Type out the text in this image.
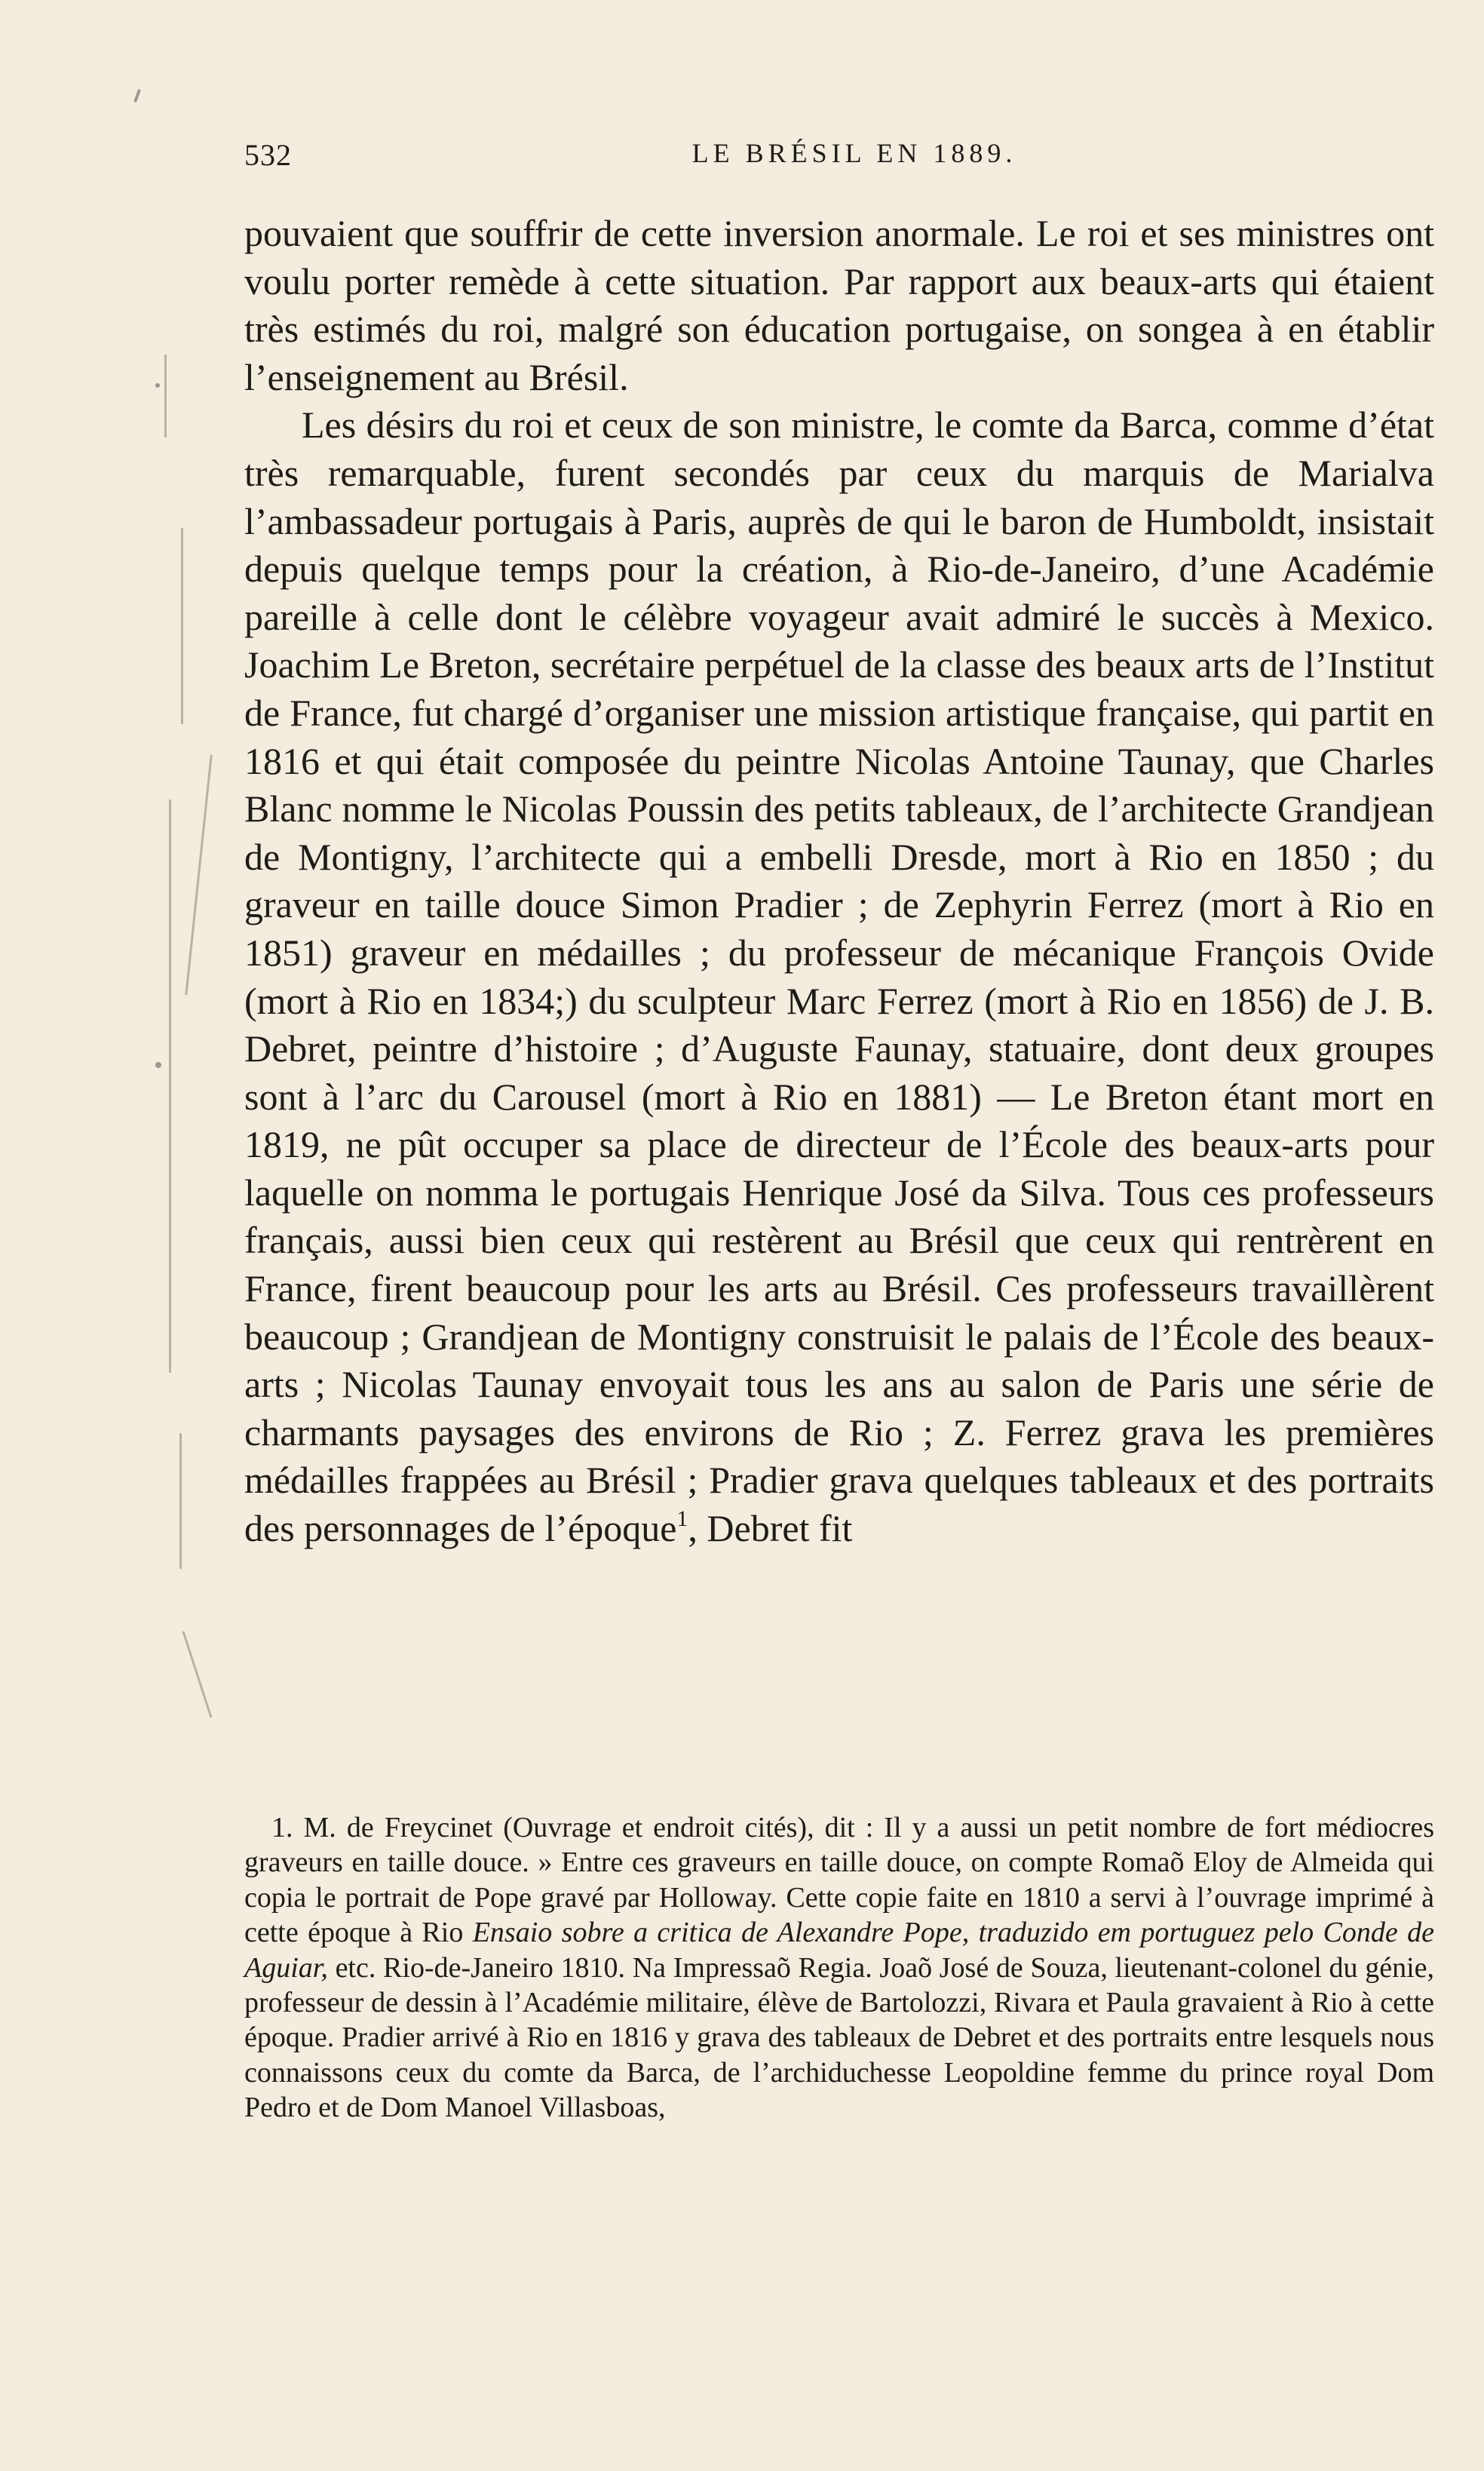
532	LE BRÉSIL EN 1889.

pouvaient que souffrir de cette inversion anormale. Le roi et ses ministres ont voulu porter remède à cette situation. Par rapport aux beaux-arts qui étaient très estimés du roi, malgré son éducation portugaise, on songea à en établir l’enseignement au Brésil.

Les désirs du roi et ceux de son ministre, le comte da Barca, comme d’état très remarquable, furent secondés par ceux du marquis de Marialva l’ambassadeur portugais à Paris, auprès de qui le baron de Humboldt, insistait depuis quelque temps pour la création, à Rio-de-Janeiro, d’une Académie pareille à celle dont le célèbre voyageur avait admiré le succès à Mexico. Joachim Le Breton, secrétaire perpétuel de la classe des beaux arts de l’Institut de France, fut chargé d’organiser une mission artistique française, qui partit en 1816 et qui était composée du peintre Nicolas Antoine Taunay, que Charles Blanc nomme le Nicolas Poussin des petits tableaux, de l’architecte Grandjean de Montigny, l’architecte qui a embelli Dresde, mort à Rio en 1850 ; du graveur en taille douce Simon Pradier ; de Zephyrin Ferrez (mort à Rio en 1851) graveur en médailles ; du professeur de mécanique François Ovide (mort à Rio en 1834;) du sculpteur Marc Ferrez (mort à Rio en 1856) de J. B. Debret, peintre d’histoire ; d’Auguste Faunay, statuaire, dont deux groupes sont à l’arc du Carousel (mort à Rio en 1881) — Le Breton étant mort en 1819, ne pût occuper sa place de directeur de l’École des beaux-arts pour laquelle on nomma le portugais Henrique José da Silva. Tous ces professeurs français, aussi bien ceux qui restèrent au Brésil que ceux qui rentrèrent en France, firent beaucoup pour les arts au Brésil. Ces professeurs travaillèrent beaucoup ; Grandjean de Montigny construisit le palais de l’École des beaux-arts ; Nicolas Taunay envoyait tous les ans au salon de Paris une série de charmants paysages des environs de Rio ; Z. Ferrez grava les premières médailles frappées au Brésil ; Pradier grava quelques tableaux et des portraits des personnages de l’époque$^1$, Debret fit

1. M. de Freycinet (Ouvrage et endroit cités), dit : Il y a aussi un petit nombre de fort médiocres graveurs en taille douce. » Entre ces graveurs en taille douce, on compte Romaõ Eloy de Almeida qui copia le portrait de Pope gravé par Holloway. Cette copie faite en 1810 a servi à l’ouvrage imprimé à cette époque à Rio Ensaio sobre a critica de Alexandre Pope, traduzido em portuguez pelo Conde de Aguiar, etc. Rio-de-Janeiro 1810. Na Impressaõ Regia. Joaõ José de Souza, lieutenant-colonel du génie, professeur de dessin à l’Académie militaire, élève de Bartolozzi, Rivara et Paula gravaient à Rio à cette époque. Pradier arrivé à Rio en 1816 y grava des tableaux de Debret et des portraits entre lesquels nous connaissons ceux du comte da Barca, de l’archiduchesse Leopoldine femme du prince royal Dom Pedro et de Dom Manoel Villasboas,
